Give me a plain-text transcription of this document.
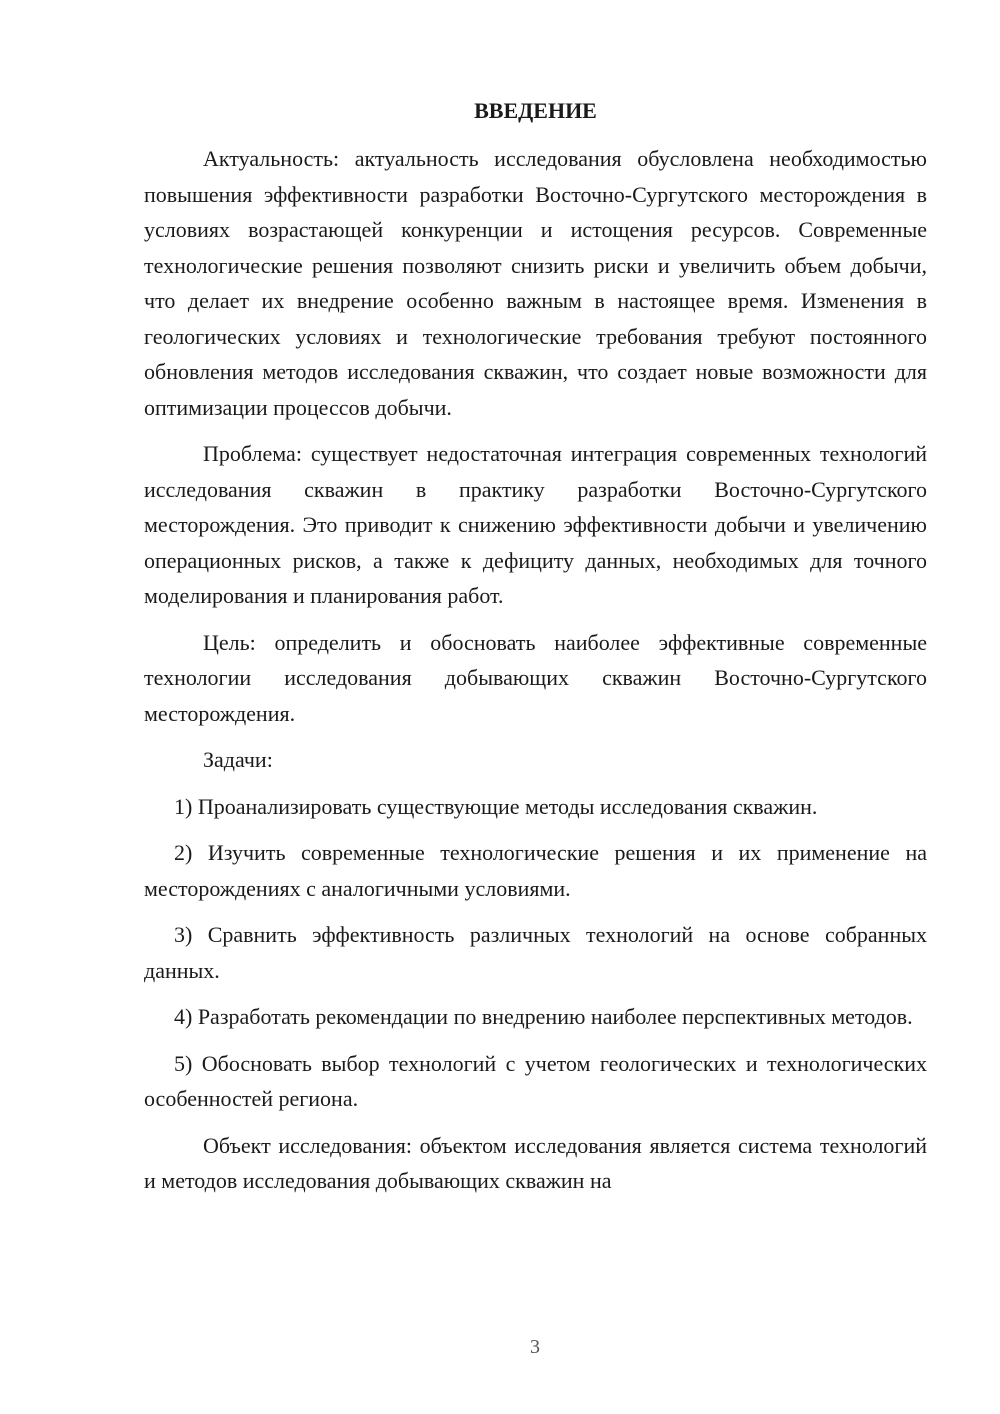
ВВЕДЕНИЕ

Актуальность: актуальность исследования обусловлена необходимостью повышения эффективности разработки Восточно-Сургутского месторождения в условиях возрастающей конкуренции и истощения ресурсов. Современные технологические решения позволяют снизить риски и увеличить объем добычи, что делает их внедрение особенно важным в настоящее время. Изменения в геологических условиях и технологические требования требуют постоянного обновления методов исследования скважин, что создает новые возможности для оптимизации процессов добычи.

Проблема: существует недостаточная интеграция современных технологий исследования скважин в практику разработки Восточно-Сургутского месторождения. Это приводит к снижению эффективности добычи и увеличению операционных рисков, а также к дефициту данных, необходимых для точного моделирования и планирования работ.

Цель: определить и обосновать наиболее эффективные современные технологии исследования добывающих скважин Восточно-Сургутского месторождения.

Задачи:

1) Проанализировать существующие методы исследования скважин.

2) Изучить современные технологические решения и их применение на месторождениях с аналогичными условиями.

3) Сравнить эффективность различных технологий на основе собранных данных.

4) Разработать рекомендации по внедрению наиболее перспективных методов.

5) Обосновать выбор технологий с учетом геологических и технологических особенностей региона.

Объект исследования: объектом исследования является система технологий и методов исследования добывающих скважин на

3
